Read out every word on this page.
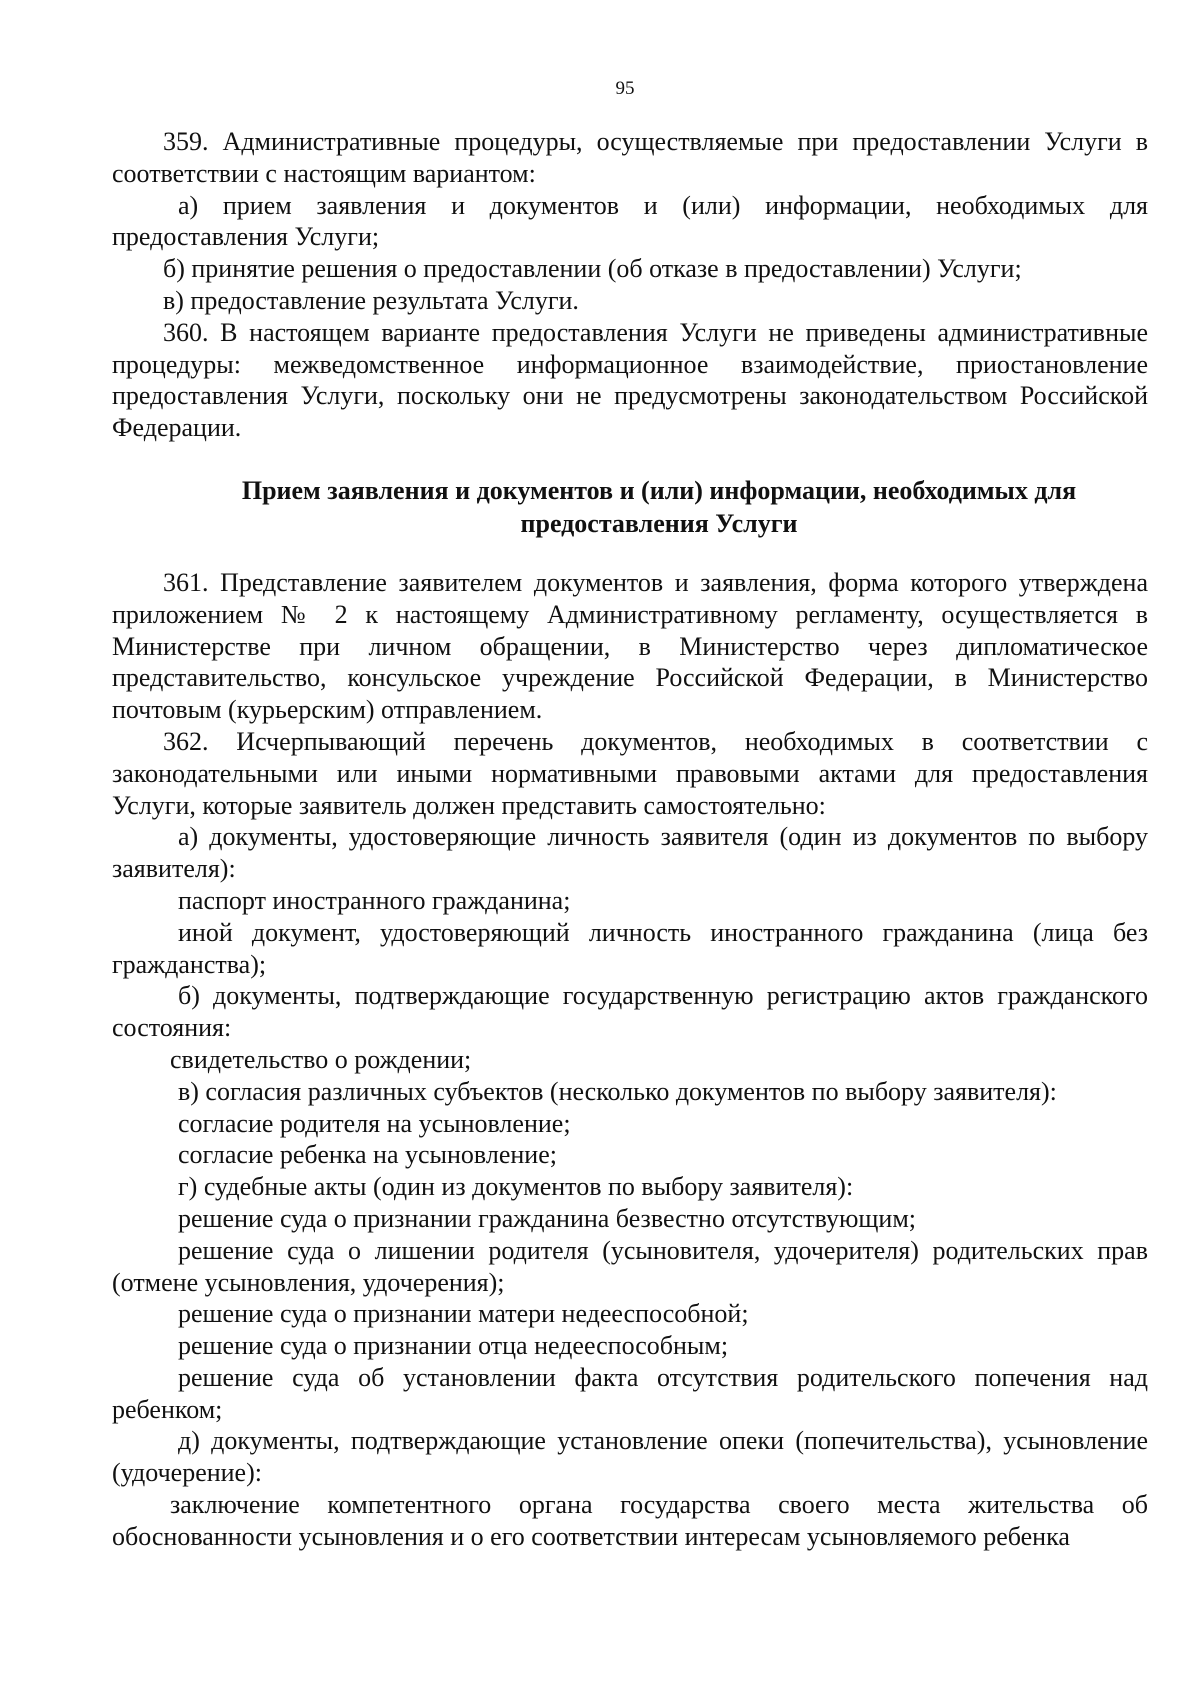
95

359. Административные процедуры, осуществляемые при предоставлении Услуги в соответствии с настоящим вариантом:

а) прием заявления и документов и (или) информации, необходимых для предоставления Услуги;

б) принятие решения о предоставлении (об отказе в предоставлении) Услуги;

в) предоставление результата Услуги.

360. В настоящем варианте предоставления Услуги не приведены административные процедуры: межведомственное информационное взаимодействие, приостановление предоставления Услуги, поскольку они не предусмотрены законодательством Российской Федерации.

Прием заявления и документов и (или) информации, необходимых для
предоставления Услуги

361. Представление заявителем документов и заявления, форма которого утверждена приложением № 2 к настоящему Административному регламенту, осуществляется в Министерстве при личном обращении, в Министерство через дипломатическое представительство, консульское учреждение Российской Федерации, в Министерство почтовым (курьерским) отправлением.

362. Исчерпывающий перечень документов, необходимых в соответствии с законодательными или иными нормативными правовыми актами для предоставления Услуги, которые заявитель должен представить самостоятельно:

а) документы, удостоверяющие личность заявителя (один из документов по выбору заявителя):

паспорт иностранного гражданина;

иной документ, удостоверяющий личность иностранного гражданина (лица без гражданства);

б) документы, подтверждающие государственную регистрацию актов гражданского состояния:

свидетельство о рождении;

в) согласия различных субъектов (несколько документов по выбору заявителя):

согласие родителя на усыновление;

согласие ребенка на усыновление;

г) судебные акты (один из документов по выбору заявителя):

решение суда о признании гражданина безвестно отсутствующим;

решение суда о лишении родителя (усыновителя, удочерителя) родительских прав (отмене усыновления, удочерения);

решение суда о признании матери недееспособной;

решение суда о признании отца недееспособным;

решение суда об установлении факта отсутствия родительского попечения над ребенком;

д) документы, подтверждающие установление опеки (попечительства), усыновление (удочерение):

заключение компетентного органа государства своего места жительства об обоснованности усыновления и о его соответствии интересам усыновляемого ребенка
